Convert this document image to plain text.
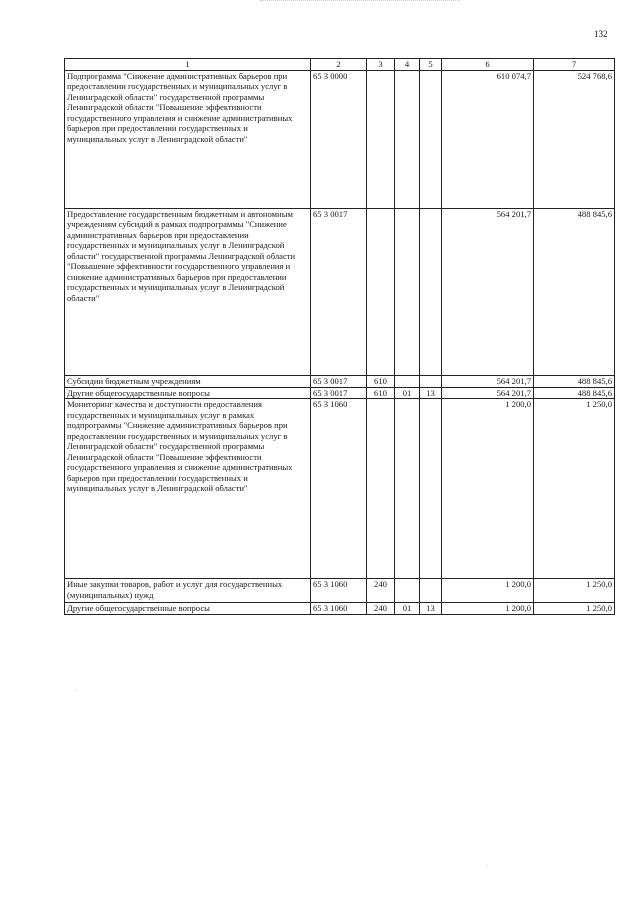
132
1	2	3	4	5	6	7
Подпрограмма "Снижение административных барьеров при предоставлении государственных и муниципальных услуг в Ленинградской области" государственной программы Ленинградской области "Повышение эффективности государственного управления и снижение административных барьеров при предоставлении государственных и муниципальных услуг в Ленинградской области"	65 3 0000				610 074,7	524 768,6
Предоставление государственным бюджетным и автономным учреждениям субсидий в рамках подпрограммы "Снижение административных барьеров при предоставлении государственных и муниципальных услуг в Ленинградской области" государственной программы Ленинградской области "Повышение эффективности государственного управления и снижение административных барьеров при предоставлении государственных и муниципальных услуг в Ленинградской области"	65 3 0017				564 201,7	488 845,6
Субсидии бюджетным учреждениям	65 3 0017	610			564 201,7	488 845,6
Другие общегосударственные вопросы	65 3 0017	610	01	13	564 201,7	488 845,6
Мониторинг качества и доступности предоставления государственных и муниципальных услуг в рамках подпрограммы "Снижение административных барьеров при предоставлении государственных и муниципальных услуг в Ленинградской области" государственной программы Ленинградской области "Повышение эффективности государственного управления и снижение административных барьеров при предоставлении государственных и муниципальных услуг в Ленинградской области"	65 3 1060				1 200,0	1 250,0
Иные закупки товаров, работ и услуг для государственных (муниципальных) нужд	65 3 1060	240			1 200,0	1 250,0
Другие общегосударственные вопросы	65 3 1060	240	01	13	1 200,0	1 250,0
